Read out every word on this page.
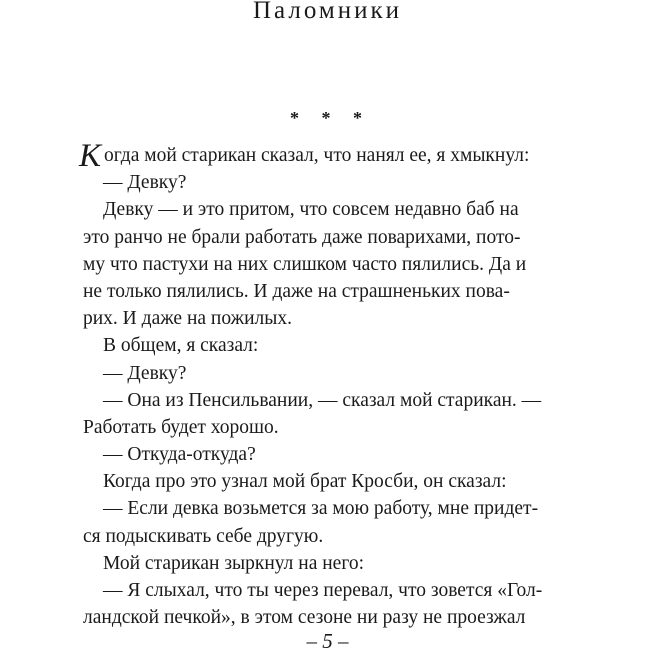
Паломники
* * *
К огда мой старикан сказал, что нанял ее, я хмыкнул:
— Девку?
Девку — и это притом, что совсем недавно баб на
это ранчо не брали работать даже поварихами, пото-
му что пастухи на них слишком часто пялились. Да и
не только пялились. И даже на страшненьких пова-
рих. И даже на пожилых.
В общем, я сказал:
— Девку?
— Она из Пенсильвании, — сказал мой старикан. —
Работать будет хорошо.
— Откуда-откуда?
Когда про это узнал мой брат Кросби, он сказал:
— Если девка возьмется за мою работу, мне придет-
ся подыскивать себе другую.
Мой старикан зыркнул на него:
— Я слыхал, что ты через перевал, что зовется «Гол-
ландской печкой», в этом сезоне ни разу не проезжал
– 5 –
